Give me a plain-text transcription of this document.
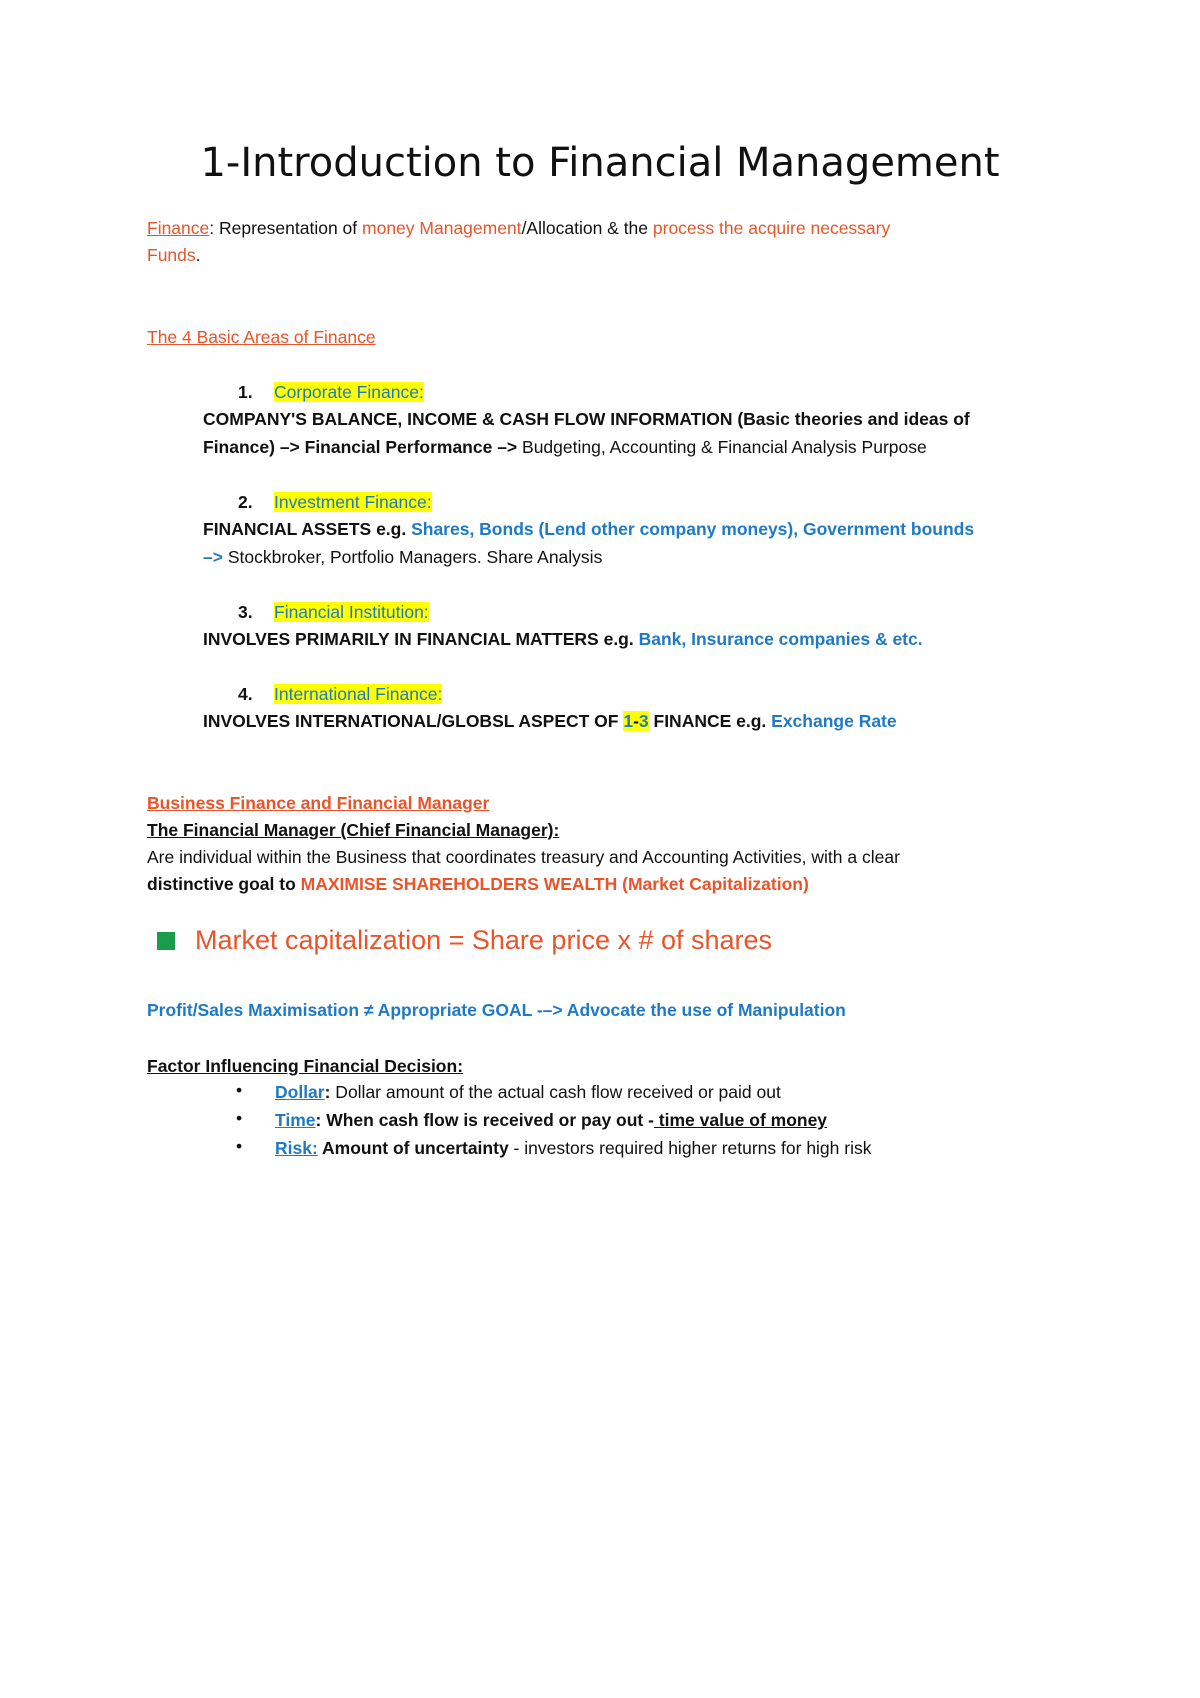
1-Introduction to Financial Management
Finance: Representation of money Management/Allocation & the process the acquire necessary
Funds.
The 4 Basic Areas of Finance
1. Corporate Finance:
COMPANY'S BALANCE, INCOME & CASH FLOW INFORMATION (Basic theories and ideas of
Finance) –> Financial Performance –> Budgeting, Accounting & Financial Analysis Purpose
2. Investment Finance:
FINANCIAL ASSETS e.g. Shares, Bonds (Lend other company moneys), Government bounds
–> Stockbroker, Portfolio Managers. Share Analysis
3. Financial Institution:
INVOLVES PRIMARILY IN FINANCIAL MATTERS e.g. Bank, Insurance companies & etc.
4. International Finance:
INVOLVES INTERNATIONAL/GLOBSL ASPECT OF 1-3 FINANCE e.g. Exchange Rate
Business Finance and Financial Manager
The Financial Manager (Chief Financial Manager):
Are individual within the Business that coordinates treasury and Accounting Activities, with a clear
distinctive goal to MAXIMISE SHAREHOLDERS WEALTH (Market Capitalization)
Market capitalization = Share price x # of shares
Profit/Sales Maximisation ≠ Appropriate GOAL -–> Advocate the use of Manipulation
Factor Influencing Financial Decision:
• Dollar: Dollar amount of the actual cash flow received or paid out
• Time: When cash flow is received or pay out - time value of money
• Risk: Amount of uncertainty - investors required higher returns for high risk
